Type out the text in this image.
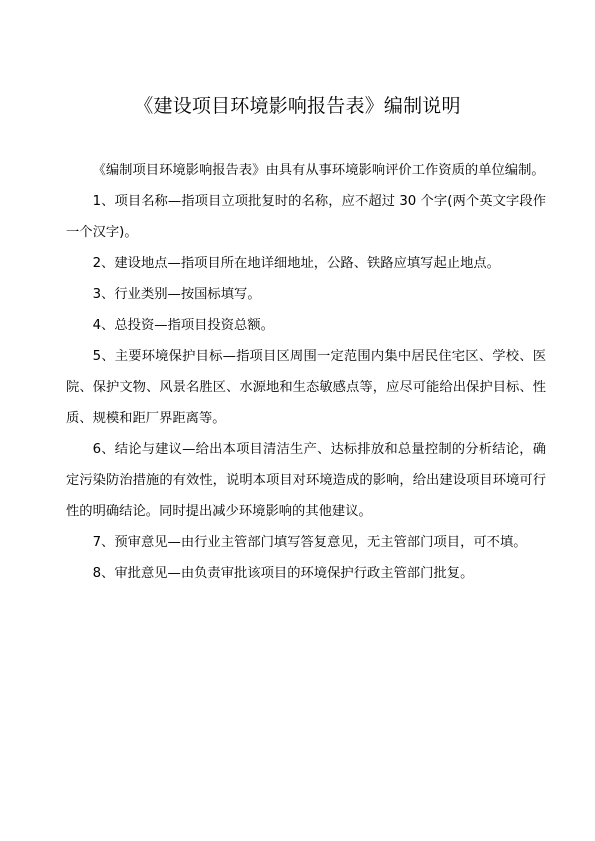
《建设项目环境影响报告表》编制说明

《编制项目环境影响报告表》由具有从事环境影响评价工作资质的单位编制。

1、项目名称—指项目立项批复时的名称，应不超过 30 个字(两个英文字段作一个汉字)。

2、建设地点—指项目所在地详细地址，公路、铁路应填写起止地点。

3、行业类别—按国标填写。

4、总投资—指项目投资总额。

5、主要环境保护目标—指项目区周围一定范围内集中居民住宅区、学校、医院、保护文物、风景名胜区、水源地和生态敏感点等，应尽可能给出保护目标、性质、规模和距厂界距离等。

6、结论与建议—给出本项目清洁生产、达标排放和总量控制的分析结论，确定污染防治措施的有效性，说明本项目对环境造成的影响，给出建设项目环境可行性的明确结论。同时提出减少环境影响的其他建议。

7、预审意见—由行业主管部门填写答复意见，无主管部门项目，可不填。

8、审批意见—由负责审批该项目的环境保护行政主管部门批复。
